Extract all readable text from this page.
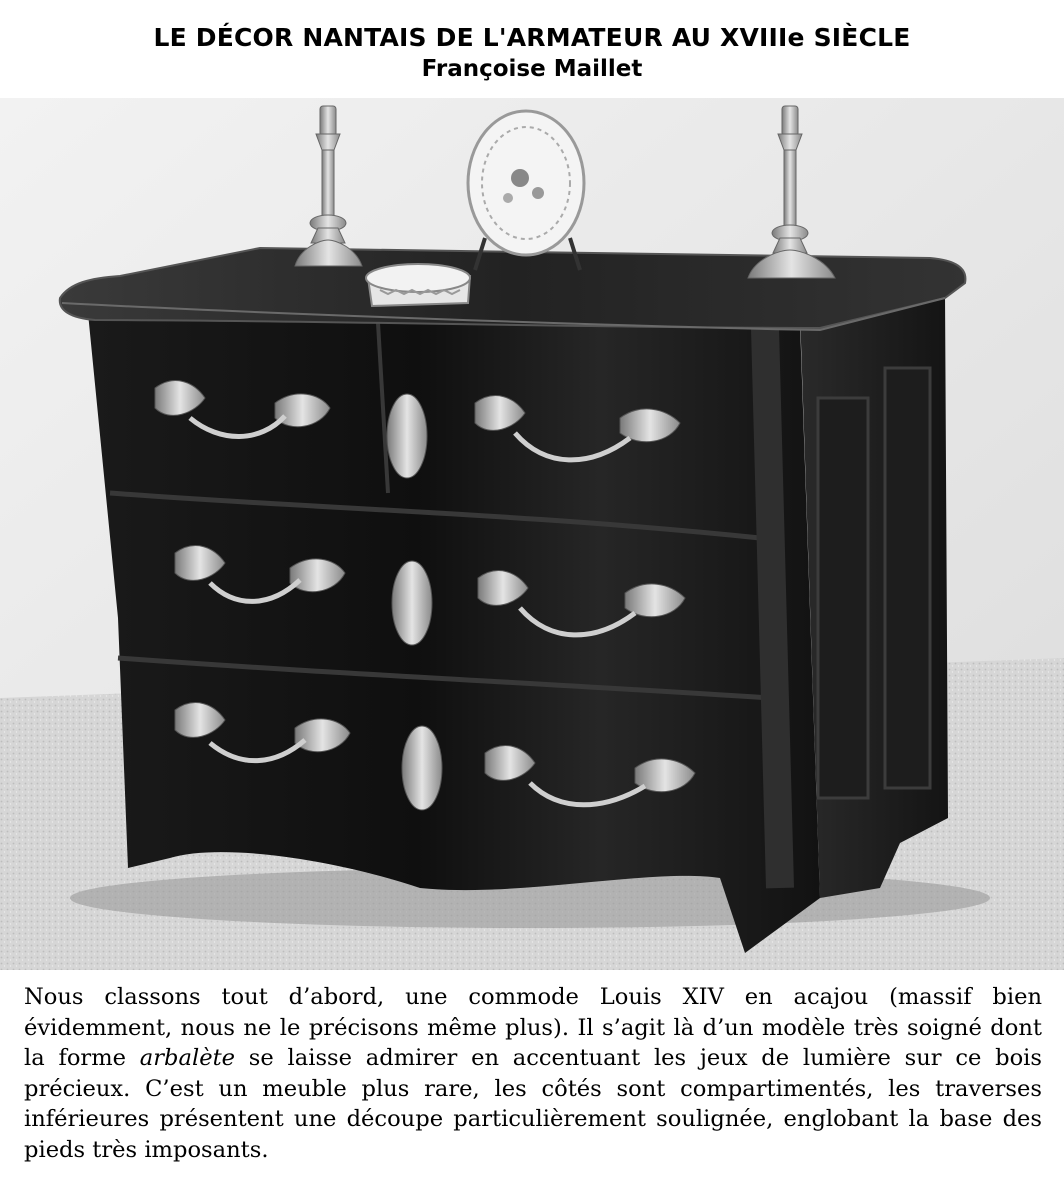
LE DÉCOR NANTAIS DE L'ARMATEUR AU XVIIIe SIÈCLE
Françoise Maillet

Nous classons tout d’abord, une commode Louis XIV en acajou (massif bien évidemment, nous ne le précisons même plus). Il s’agit là d’un modèle très soigné dont la forme arbalète se laisse admirer en accentuant les jeux de lumière sur ce bois précieux. C’est un meuble plus rare, les côtés sont compartimentés, les traverses inférieures présentent une découpe particulièrement soulignée, englobant la base des pieds très imposants.
